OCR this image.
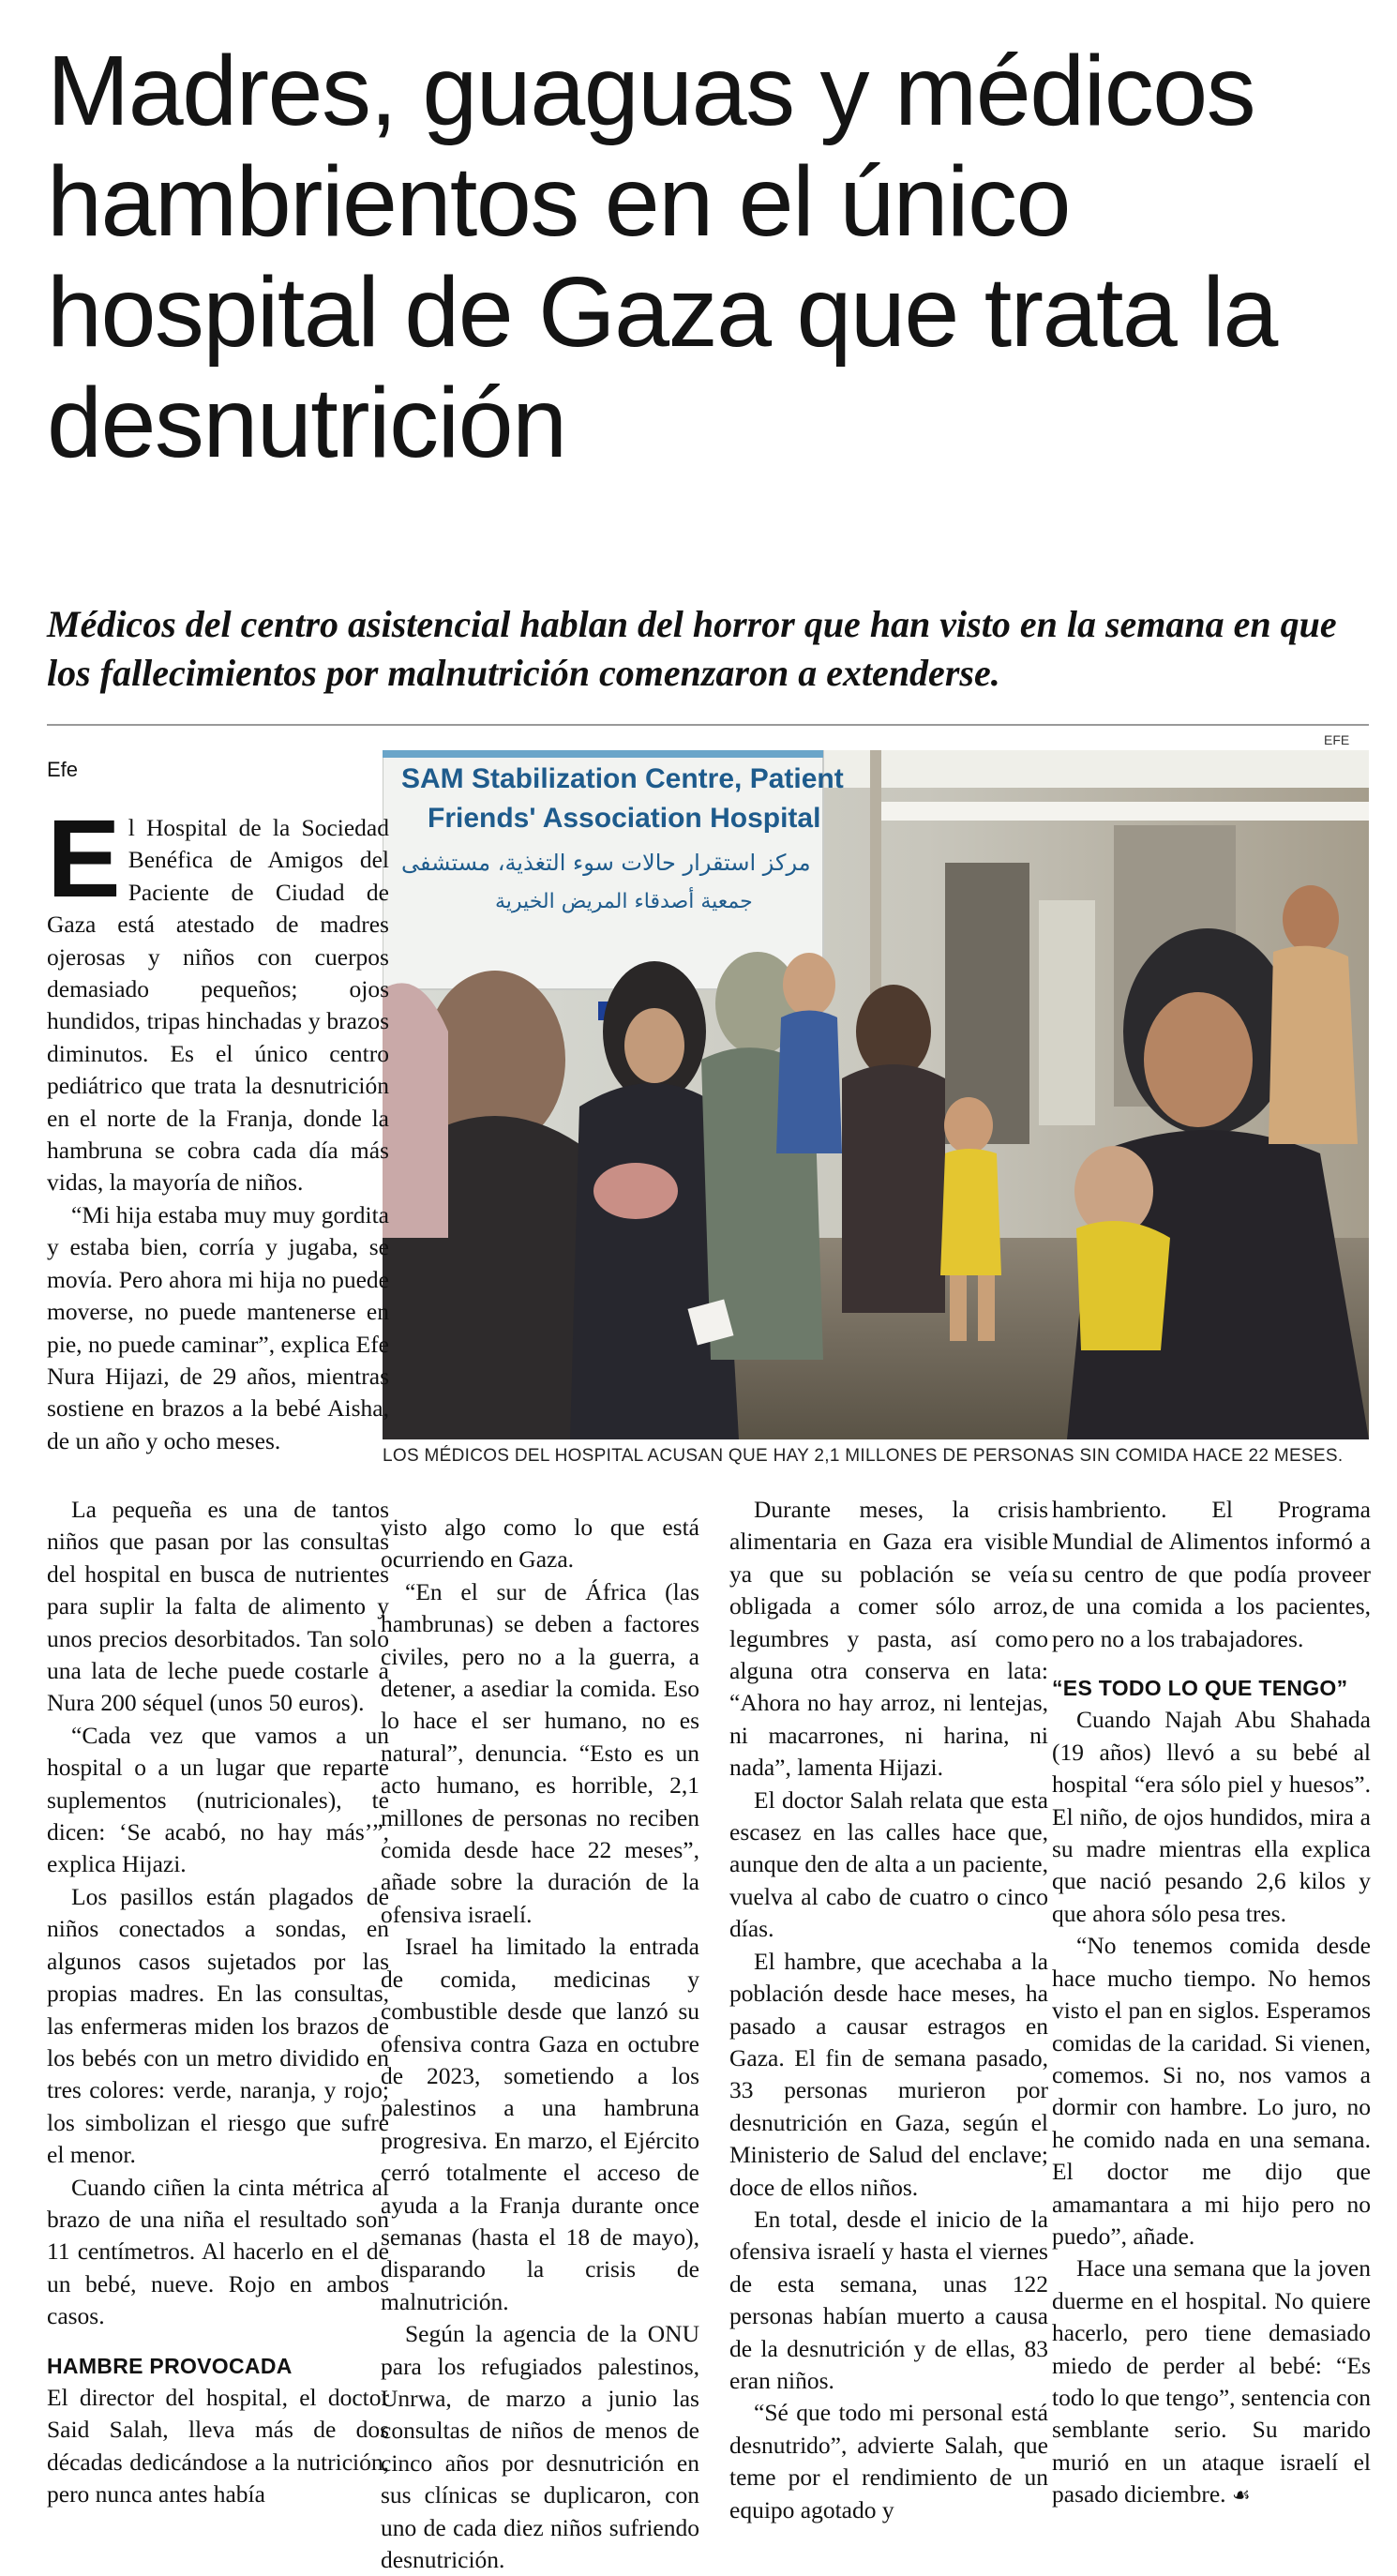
Madres, guaguas y médicos hambrientos en el único hospital de Gaza que trata la desnutrición

Médicos del centro asistencial hablan del horror que han visto en la semana en que los fallecimientos por malnutrición comenzaron a extenderse.

Efe
EFE
SAM Stabilization Centre, Patient
Friends' Association Hospital
مركز استقرار حالات سوء التغذية، مستشفى
جمعية أصدقاء المريض الخيرية
LOS MÉDICOS DEL HOSPITAL ACUSAN QUE HAY 2,1 MILLONES DE PERSONAS SIN COMIDA HACE 22 MESES.

El Hospital de la Sociedad Benéfica de Amigos del Paciente de Ciudad de Gaza está atestado de madres ojerosas y niños con cuerpos demasiado pequeños; ojos hundidos, tripas hinchadas y brazos diminutos. Es el único centro pediátrico que trata la desnutrición en el norte de la Franja, donde la hambruna se cobra cada día más vidas, la mayoría de niños.

“Mi hija estaba muy muy gordita y estaba bien, corría y jugaba, se movía. Pero ahora mi hija no puede moverse, no puede mantenerse en pie, no puede caminar”, explica Efe Nura Hijazi, de 29 años, mientras sostiene en brazos a la bebé Aisha, de un año y ocho meses.

La pequeña es una de tantos niños que pasan por las consultas del hospital en busca de nutrientes para suplir la falta de alimento y unos precios desorbitados. Tan solo una lata de leche puede costarle a Nura 200 séquel (unos 50 euros).

“Cada vez que vamos a un hospital o a un lugar que reparte suplementos (nutricionales), te dicen: ‘Se acabó, no hay más’”, explica Hijazi.

Los pasillos están plagados de niños conectados a sondas, en algunos casos sujetados por las propias madres. En las consultas, las enfermeras miden los brazos de los bebés con un metro dividido en tres colores: verde, naranja, y rojo; los simbolizan el riesgo que sufre el menor.

Cuando ciñen la cinta métrica al brazo de una niña el resultado son 11 centímetros. Al hacerlo en el de un bebé, nueve. Rojo en ambos casos.

HAMBRE PROVOCADA

El director del hospital, el doctor Said Salah, lleva más de dos décadas dedicándose a la nutrición, pero nunca antes había

visto algo como lo que está ocurriendo en Gaza.

“En el sur de África (las hambrunas) se deben a factores civiles, pero no a la guerra, a detener, a asediar la comida. Eso lo hace el ser humano, no es natural”, denuncia. “Esto es un acto humano, es horrible, 2,1 millones de personas no reciben comida desde hace 22 meses”, añade sobre la duración de la ofensiva israelí.

Israel ha limitado la entrada de comida, medicinas y combustible desde que lanzó su ofensiva contra Gaza en octubre de 2023, sometiendo a los palestinos a una hambruna progresiva. En marzo, el Ejército cerró totalmente el acceso de ayuda a la Franja durante once semanas (hasta el 18 de mayo), disparando la crisis de malnutrición.

Según la agencia de la ONU para los refugiados palestinos, Unrwa, de marzo a junio las consultas de niños de menos de cinco años por desnutrición en sus clínicas se duplicaron, con uno de cada diez niños sufriendo desnutrición.

Durante meses, la crisis alimentaria en Gaza era visible ya que su población se veía obligada a comer sólo arroz, legumbres y pasta, así como alguna otra conserva en lata: “Ahora no hay arroz, ni lentejas, ni macarrones, ni harina, ni nada”, lamenta Hijazi.

El doctor Salah relata que esta escasez en las calles hace que, aunque den de alta a un paciente, vuelva al cabo de cuatro o cinco días.

El hambre, que acechaba a la población desde hace meses, ha pasado a causar estragos en Gaza. El fin de semana pasado, 33 personas murieron por desnutrición en Gaza, según el Ministerio de Salud del enclave; doce de ellos niños.

En total, desde el inicio de la ofensiva israelí y hasta el viernes de esta semana, unas 122 personas habían muerto a causa de la desnutrición y de ellas, 83 eran niños.

“Sé que todo mi personal está desnutrido”, advierte Salah, que teme por el rendimiento de un equipo agotado y

hambriento. El Programa Mundial de Alimentos informó a su centro de que podía proveer de una comida a los pacientes, pero no a los trabajadores.

“ES TODO LO QUE TENGO”

Cuando Najah Abu Shahada (19 años) llevó a su bebé al hospital “era sólo piel y huesos”. El niño, de ojos hundidos, mira a su madre mientras ella explica que nació pesando 2,6 kilos y que ahora sólo pesa tres.

“No tenemos comida desde hace mucho tiempo. No hemos visto el pan en siglos. Esperamos comidas de la caridad. Si vienen, comemos. Si no, nos vamos a dormir con hambre. Lo juro, no he comido nada en una semana. El doctor me dijo que amamantara a mi hijo pero no puedo”, añade.

Hace una semana que la joven duerme en el hospital. No quiere hacerlo, pero tiene demasiado miedo de perder al bebé: “Es todo lo que tengo”, sentencia con semblante serio. Su marido murió en un ataque israelí el pasado diciembre. ☙
